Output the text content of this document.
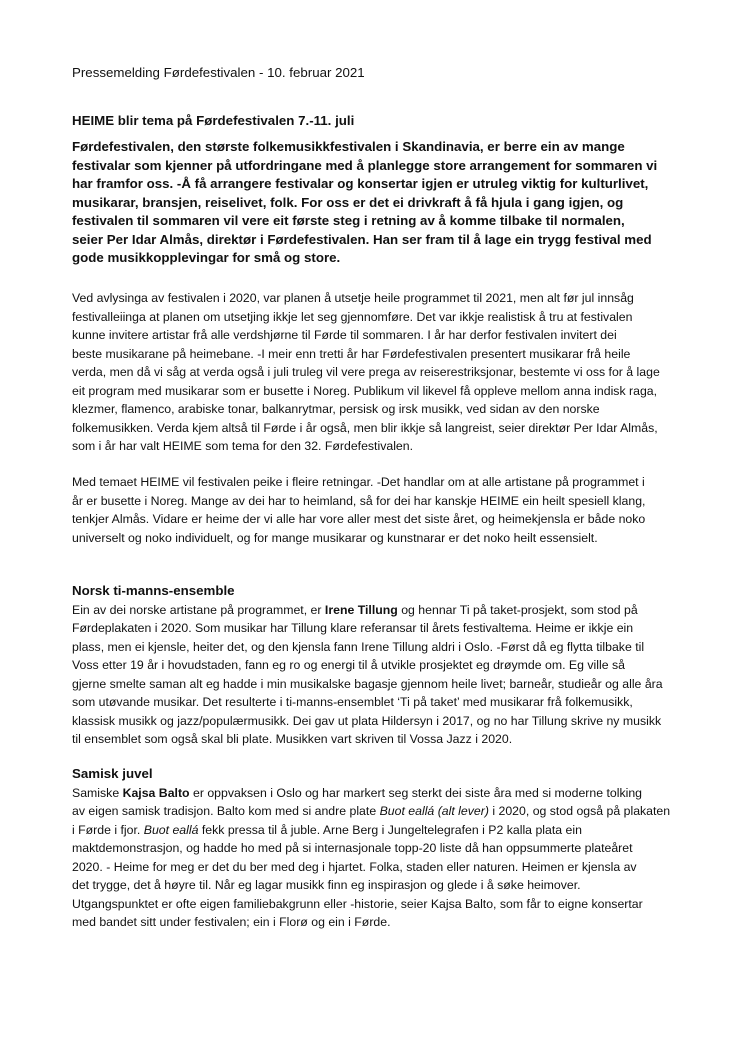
Pressemelding Førdefestivalen - 10. februar 2021
HEIME blir tema på Førdefestivalen 7.-11. juli
Førdefestivalen, den største folkemusikkfestivalen i Skandinavia, er berre ein av mange
festivalar som kjenner på utfordringane med å planlegge store arrangement for sommaren vi
har framfor oss. -Å få arrangere festivalar og konsertar igjen er utruleg viktig for kulturlivet,
musikarar, bransjen, reiselivet, folk. For oss er det ei drivkraft å få hjula i gang igjen, og
festivalen til sommaren vil vere eit første steg i retning av å komme tilbake til normalen,
seier Per Idar Almås, direktør i Førdefestivalen. Han ser fram til å lage ein trygg festival med
gode musikkopplevingar for små og store.
Ved avlysinga av festivalen i 2020, var planen å utsetje heile programmet til 2021, men alt før jul innsåg
festivalleiinga at planen om utsetjing ikkje let seg gjennomføre. Det var ikkje realistisk å tru at festivalen
kunne invitere artistar frå alle verdshjørne til Førde til sommaren. I år har derfor festivalen invitert dei
beste musikarane på heimebane. -I meir enn tretti år har Førdefestivalen presentert musikarar frå heile
verda, men då vi såg at verda også i juli truleg vil vere prega av reiserestriksjonar, bestemte vi oss for å lage
eit program med musikarar som er busette i Noreg. Publikum vil likevel få oppleve mellom anna indisk raga,
klezmer, flamenco, arabiske tonar, balkanrytmar, persisk og irsk musikk, ved sidan av den norske
folkemusikken. Verda kjem altså til Førde i år også, men blir ikkje så langreist, seier direktør Per Idar Almås,
som i år har valt HEIME som tema for den 32. Førdefestivalen.
Med temaet HEIME vil festivalen peike i fleire retningar. -Det handlar om at alle artistane på programmet i
år er busette i Noreg. Mange av dei har to heimland, så for dei har kanskje HEIME ein heilt spesiell klang,
tenkjer Almås. Vidare er heime der vi alle har vore aller mest det siste året, og heimekjensla er både noko
universelt og noko individuelt, og for mange musikarar og kunstnarar er det noko heilt essensielt.
Norsk ti-manns-ensemble
Ein av dei norske artistane på programmet, er Irene Tillung og hennar Ti på taket-prosjekt, som stod på
Førdeplakaten i 2020. Som musikar har Tillung klare referansar til årets festivaltema. Heime er ikkje ein
plass, men ei kjensle, heiter det, og den kjensla fann Irene Tillung aldri i Oslo. -Først då eg flytta tilbake til
Voss etter 19 år i hovudstaden, fann eg ro og energi til å utvikle prosjektet eg drøymde om. Eg ville så
gjerne smelte saman alt eg hadde i min musikalske bagasje gjennom heile livet; barneår, studieår og alle åra
som utøvande musikar. Det resulterte i ti-manns-ensemblet ‘Ti på taket’ med musikarar frå folkemusikk,
klassisk musikk og jazz/populærmusikk. Dei gav ut plata Hildersyn i 2017, og no har Tillung skrive ny musikk
til ensemblet som også skal bli plate. Musikken vart skriven til Vossa Jazz i 2020.
Samisk juvel
Samiske Kajsa Balto er oppvaksen i Oslo og har markert seg sterkt dei siste åra med si moderne tolking
av eigen samisk tradisjon. Balto kom med si andre plate Buot eallá (alt lever) i 2020, og stod også på plakaten
i Førde i fjor. Buot eallá fekk pressa til å juble. Arne Berg i Jungeltelegrafen i P2 kalla plata ein
maktdemonstrasjon, og hadde ho med på si internasjonale topp-20 liste då han oppsummerte plateåret
2020. - Heime for meg er det du ber med deg i hjartet. Folka, staden eller naturen. Heimen er kjensla av
det trygge, det å høyre til. Når eg lagar musikk finn eg inspirasjon og glede i å søke heimover.
Utgangspunktet er ofte eigen familiebakgrunn eller -historie, seier Kajsa Balto, som får to eigne konsertar
med bandet sitt under festivalen; ein i Florø og ein i Førde.
